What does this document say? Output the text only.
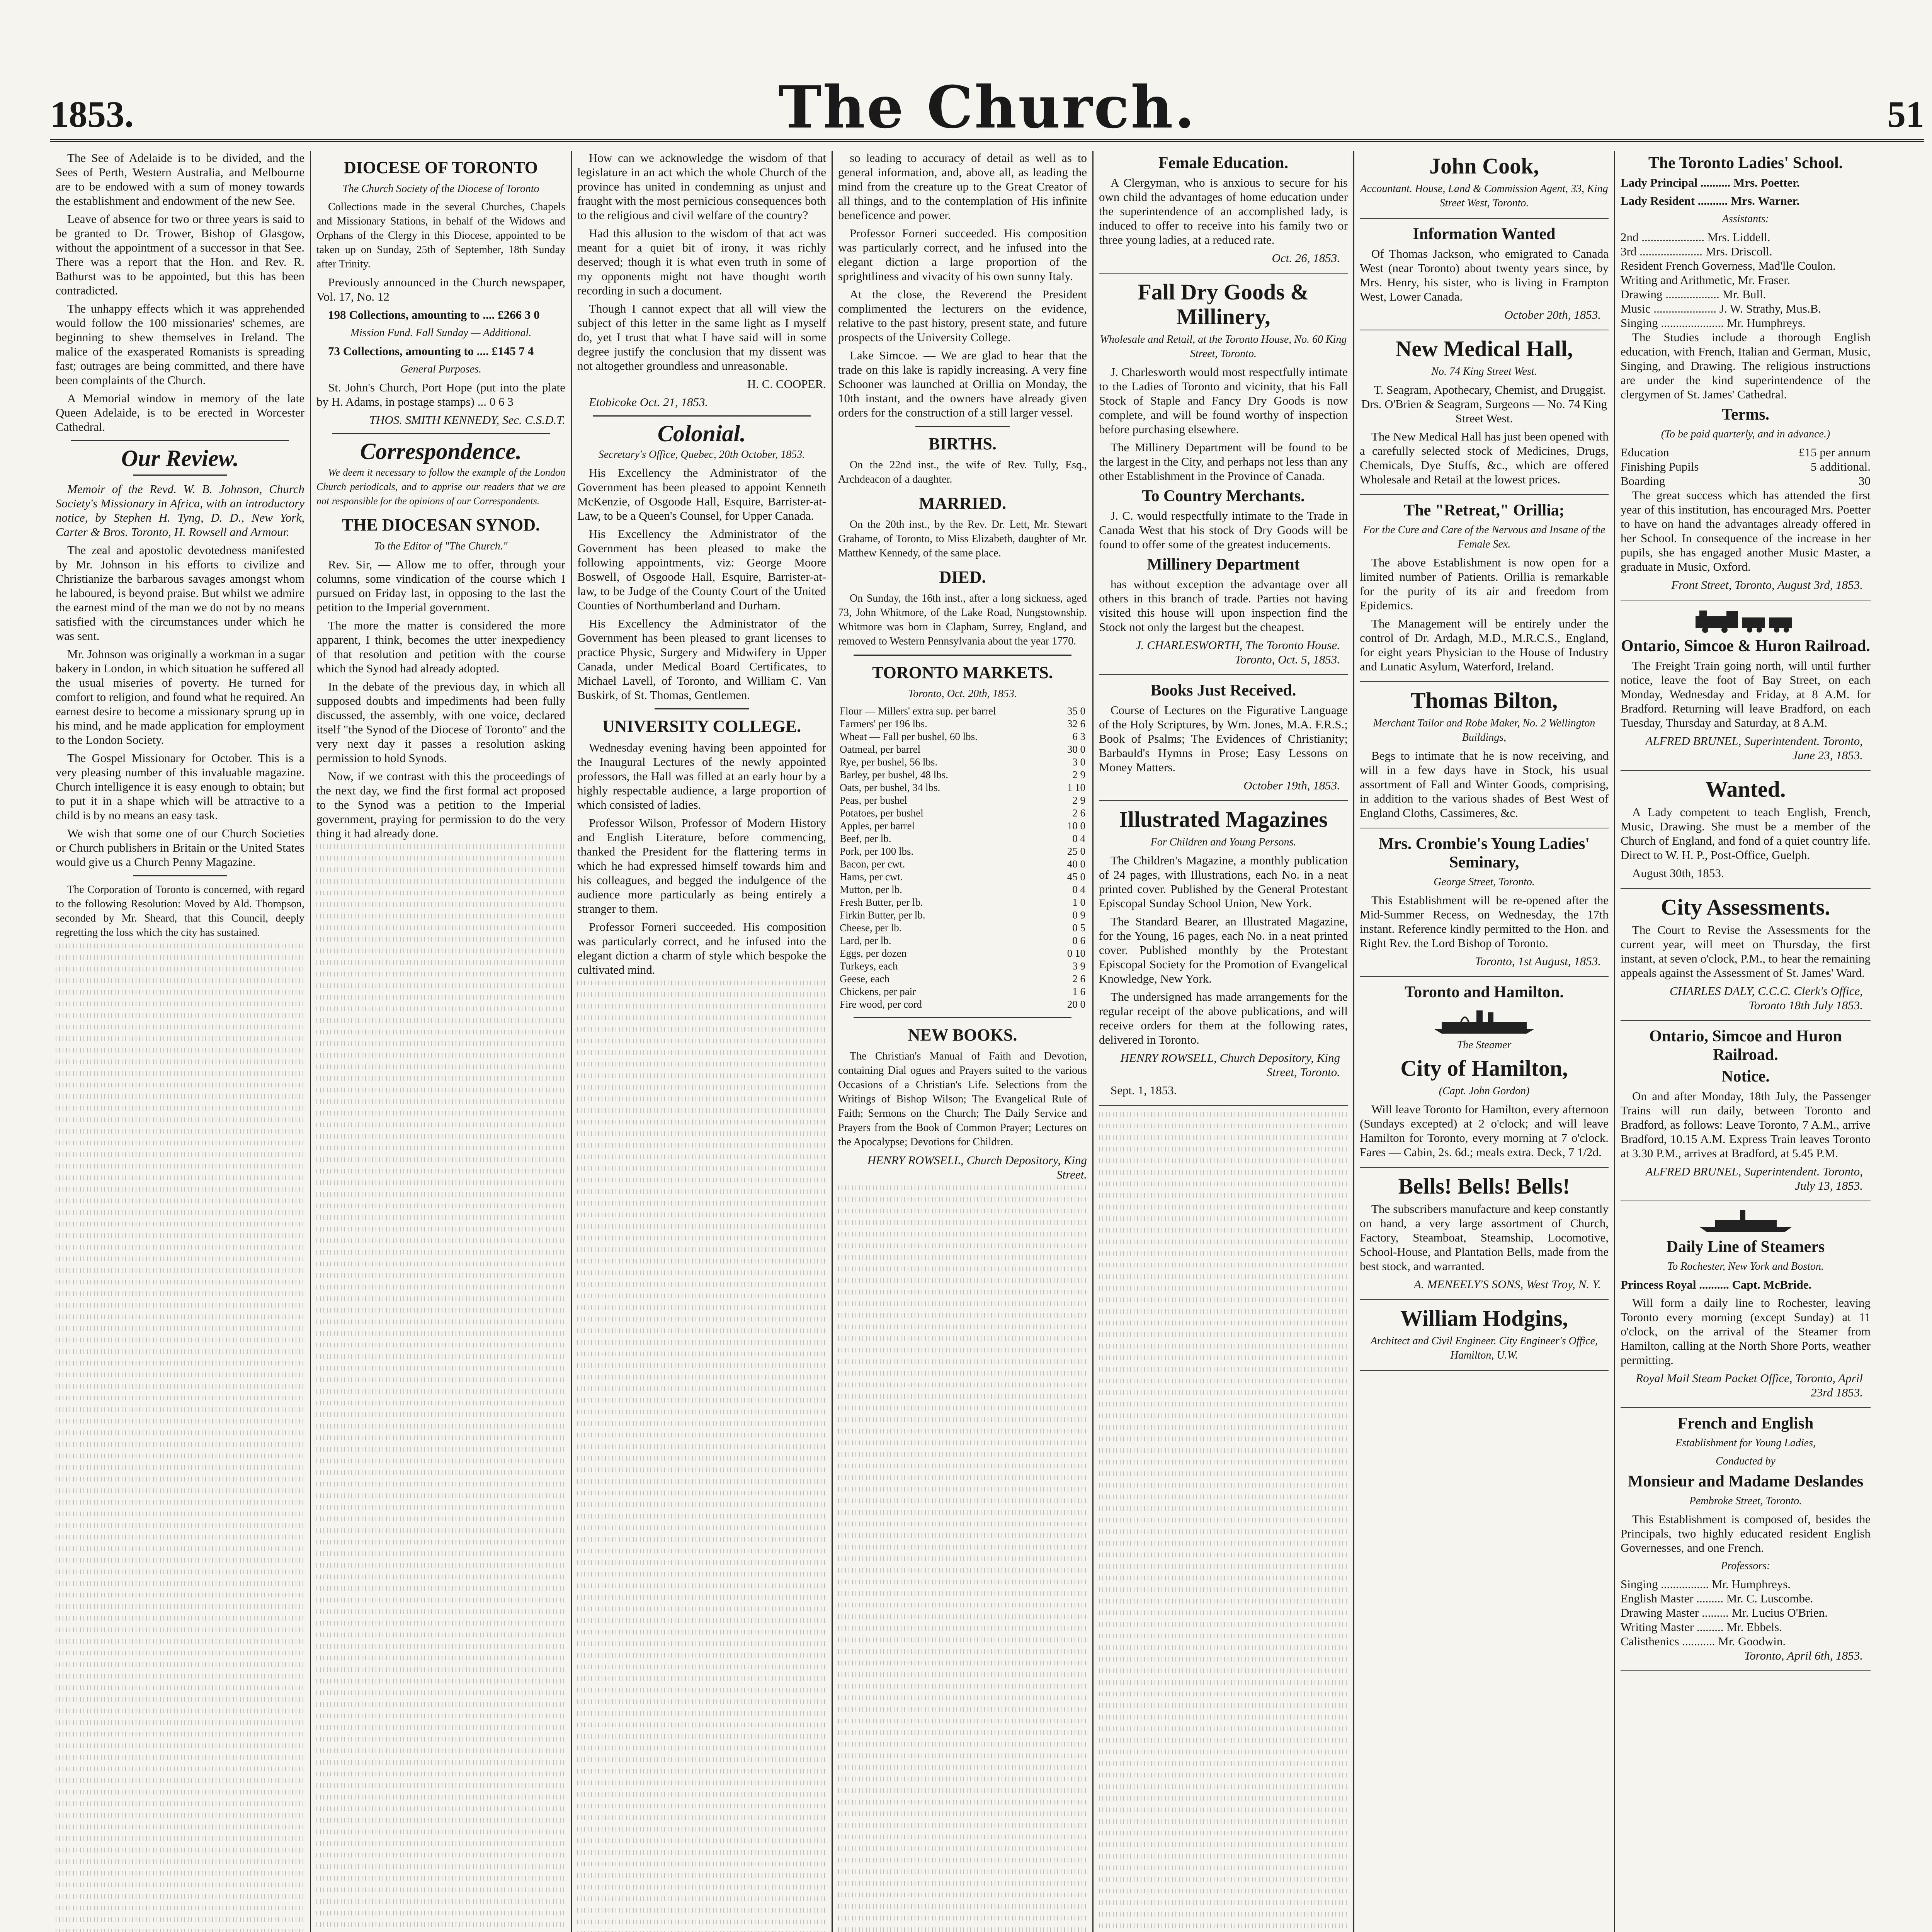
1853.	The Church.	51

The See of Adelaide is to be divided, and the Sees of Perth, Western Australia, and Melbourne are to be endowed with a sum of money towards the establishment and endowment of the new See.

Leave of absence for two or three years is said to be granted to Dr. Trower, Bishop of Glasgow, without the appointment of a successor in that See. There was a report that the Hon. and Rev. R. Bathurst was to be appointed, but this has been contradicted.

The unhappy effects which it was apprehended would follow the 100 missionaries' schemes, are beginning to shew themselves in Ireland. The malice of the exasperated Romanists is spreading fast; outrages are being committed, and there have been complaints of the Church.

A Memorial window in memory of the late Queen Adelaide, is to be erected in Worcester Cathedral.

Our Review.

Memoir of the Revd. W. B. Johnson, Church Society's Missionary in Africa, with an introductory notice, by Stephen H. Tyng, D. D., New York, Carter & Bros. Toronto, H. Rowsell and Armour.

The zeal and apostolic devotedness manifested by Mr. Johnson in his efforts to civilize and Christianize the barbarous savages amongst whom he laboured, is beyond praise. But whilst we admire the earnest mind of the man we do not by no means satisfied with the circumstances under which he was sent.

Mr. Johnson was originally a workman in a sugar bakery in London, in which situation he suffered all the usual miseries of poverty. He turned for comfort to religion, and found what he required. An earnest desire to become a missionary sprung up in his mind, and he made application for employment to the London Society.

The Gospel Missionary for October. This is a very pleasing number of this invaluable magazine. Church intelligence it is easy enough to obtain; but to put it in a shape which will be attractive to a child is by no means an easy task.

We wish that some one of our Church Societies or Church publishers in Britain or the United States would give us a Church Penny Magazine.

The Corporation of Toronto is concerned, with regard to the following Resolution: Moved by Ald. Thompson, seconded by Mr. Sheard, that this Council, deeply regretting the loss which the city has sustained.

DIOCESE OF TORONTO
The Church Society of the Diocese of Toronto

Collections made in the several Churches, Chapels and Missionary Stations, in behalf of the Widows and Orphans of the Clergy in this Diocese, appointed to be taken up on Sunday, 25th of September, 18th Sunday after Trinity.

Previously announced in the Church newspaper, Vol. 17, No. 12

198 Collections, amounting to .... £266 3 0

Mission Fund. Fall Sunday — Additional.

73 Collections, amounting to .... £145 7 4

General Purposes.

St. John's Church, Port Hope (put into the plate by H. Adams, in postage stamps) ... 0 6 3

THOS. SMITH KENNEDY, Sec. C.S.D.T.

Correspondence.

We deem it necessary to follow the example of the London Church periodicals, and to apprise our readers that we are not responsible for the opinions of our Correspondents.

THE DIOCESAN SYNOD.
To the Editor of "The Church."

Rev. Sir, — Allow me to offer, through your columns, some vindication of the course which I pursued on Friday last, in opposing to the last the petition to the Imperial government.

The more the matter is considered the more apparent, I think, becomes the utter inexpediency of that resolution and petition with the course which the Synod had already adopted.

In the debate of the previous day, in which all supposed doubts and impediments had been fully discussed, the assembly, with one voice, declared itself "the Synod of the Diocese of Toronto" and the very next day it passes a resolution asking permission to hold Synods.

Now, if we contrast with this the proceedings of the next day, we find the first formal act proposed to the Synod was a petition to the Imperial government, praying for permission to do the very thing it had already done.

How can we acknowledge the wisdom of that legislature in an act which the whole Church of the province has united in condemning as unjust and fraught with the most pernicious consequences both to the religious and civil welfare of the country?

Had this allusion to the wisdom of that act was meant for a quiet bit of irony, it was richly deserved; though it is what even truth in some of my opponents might not have thought worth recording in such a document.

Though I cannot expect that all will view the subject of this letter in the same light as I myself do, yet I trust that what I have said will in some degree justify the conclusion that my dissent was not altogether groundless and unreasonable.

H. C. COOPER.

Etobicoke Oct. 21, 1853.

Colonial.
Secretary's Office, Quebec, 20th October, 1853.

His Excellency the Administrator of the Government has been pleased to appoint Kenneth McKenzie, of Osgoode Hall, Esquire, Barrister-at-Law, to be a Queen's Counsel, for Upper Canada.

His Excellency the Administrator of the Government has been pleased to make the following appointments, viz: George Moore Boswell, of Osgoode Hall, Esquire, Barrister-at-law, to be Judge of the County Court of the United Counties of Northumberland and Durham.

His Excellency the Administrator of the Government has been pleased to grant licenses to practice Physic, Surgery and Midwifery in Upper Canada, under Medical Board Certificates, to Michael Lavell, of Toronto, and William C. Van Buskirk, of St. Thomas, Gentlemen.

UNIVERSITY COLLEGE.

Wednesday evening having been appointed for the Inaugural Lectures of the newly appointed professors, the Hall was filled at an early hour by a highly respectable audience, a large proportion of which consisted of ladies.

Professor Wilson, Professor of Modern History and English Literature, before commencing, thanked the President for the flattering terms in which he had expressed himself towards him and his colleagues, and begged the indulgence of the audience more particularly as being entirely a stranger to them.

Professor Forneri succeeded. His composition was particularly correct, and he infused into the elegant diction a charm of style which bespoke the cultivated mind.

so leading to accuracy of detail as well as to general information, and, above all, as leading the mind from the creature up to the Great Creator of all things, and to the contemplation of His infinite beneficence and power.

Professor Forneri succeeded. His composition was particularly correct, and he infused into the elegant diction a large proportion of the sprightliness and vivacity of his own sunny Italy.

At the close, the Reverend the President complimented the lecturers on the evidence, relative to the past history, present state, and future prospects of the University College.

Lake Simcoe. — We are glad to hear that the trade on this lake is rapidly increasing. A very fine Schooner was launched at Orillia on Monday, the 10th instant, and the owners have already given orders for the construction of a still larger vessel.

BIRTHS.

On the 22nd inst., the wife of Rev. Tully, Esq., Archdeacon of a daughter.

MARRIED.

On the 20th inst., by the Rev. Dr. Lett, Mr. Stewart Grahame, of Toronto, to Miss Elizabeth, daughter of Mr. Matthew Kennedy, of the same place.

DIED.

On Sunday, the 16th inst., after a long sickness, aged 73, John Whitmore, of the Lake Road, Nungstownship. Whitmore was born in Clapham, Surrey, England, and removed to Western Pennsylvania about the year 1770.

TORONTO MARKETS.
Toronto, Oct. 20th, 1853.
Flour — Millers' extra sup. per barrel	35 0
Farmers' per 196 lbs.	32 6
Wheat — Fall per bushel, 60 lbs.	6 3
Oatmeal, per barrel	30 0
Rye, per bushel, 56 lbs.	3 0
Barley, per bushel, 48 lbs.	2 9
Oats, per bushel, 34 lbs.	1 10
Peas, per bushel	2 9
Potatoes, per bushel	2 6
Apples, per barrel	10 0
Beef, per lb.	0 4
Pork, per 100 lbs.	25 0
Bacon, per cwt.	40 0
Hams, per cwt.	45 0
Mutton, per lb.	0 4
Fresh Butter, per lb.	1 0
Firkin Butter, per lb.	0 9
Cheese, per lb.	0 5
Lard, per lb.	0 6
Eggs, per dozen	0 10
Turkeys, each	3 9
Geese, each	2 6
Chickens, per pair	1 6
Fire wood, per cord	20 0
NEW BOOKS.

The Christian's Manual of Faith and Devotion, containing Dial ogues and Prayers suited to the various Occasions of a Christian's Life. Selections from the Writings of Bishop Wilson; The Evangelical Rule of Faith; Sermons on the Church; The Daily Service and Prayers from the Book of Common Prayer; Lectures on the Apocalypse; Devotions for Children.

HENRY ROWSELL, Church Depository, King Street.

Female Education.

A Clergyman, who is anxious to secure for his own child the advantages of home education under the superintendence of an accomplished lady, is induced to offer to receive into his family two or three young ladies, at a reduced rate.

Oct. 26, 1853.

Fall Dry Goods & Millinery,
Wholesale and Retail, at the Toronto House, No. 60 King Street, Toronto.

J. Charlesworth would most respectfully intimate to the Ladies of Toronto and vicinity, that his Fall Stock of Staple and Fancy Dry Goods is now complete, and will be found worthy of inspection before purchasing elsewhere.

The Millinery Department will be found to be the largest in the City, and perhaps not less than any other Establishment in the Province of Canada.

To Country Merchants.

J. C. would respectfully intimate to the Trade in Canada West that his stock of Dry Goods will be found to offer some of the greatest inducements.

Millinery Department

has without exception the advantage over all others in this branch of trade. Parties not having visited this house will upon inspection find the Stock not only the largest but the cheapest.

J. CHARLESWORTH, The Toronto House. Toronto, Oct. 5, 1853.

Books Just Received.

Course of Lectures on the Figurative Language of the Holy Scriptures, by Wm. Jones, M.A. F.R.S.; Book of Psalms; The Evidences of Christianity; Barbauld's Hymns in Prose; Easy Lessons on Money Matters.

October 19th, 1853.

Illustrated Magazines
For Children and Young Persons.

The Children's Magazine, a monthly publication of 24 pages, with Illustrations, each No. in a neat printed cover. Published by the General Protestant Episcopal Sunday School Union, New York.

The Standard Bearer, an Illustrated Magazine, for the Young, 16 pages, each No. in a neat printed cover. Published monthly by the Protestant Episcopal Society for the Promotion of Evangelical Knowledge, New York.

The undersigned has made arrangements for the regular receipt of the above publications, and will receive orders for them at the following rates, delivered in Toronto.

HENRY ROWSELL, Church Depository, King Street, Toronto.

Sept. 1, 1853.

John Cook,
Accountant. House, Land & Commission Agent, 33, King Street West, Toronto.
Information Wanted

Of Thomas Jackson, who emigrated to Canada West (near Toronto) about twenty years since, by Mrs. Henry, his sister, who is living in Frampton West, Lower Canada.

October 20th, 1853.

New Medical Hall,
No. 74 King Street West.

T. Seagram, Apothecary, Chemist, and Druggist. Drs. O'Brien & Seagram, Surgeons — No. 74 King Street West.

The New Medical Hall has just been opened with a carefully selected stock of Medicines, Drugs, Chemicals, Dye Stuffs, &c., which are offered Wholesale and Retail at the lowest prices.

The "Retreat," Orillia;
For the Cure and Care of the Nervous and Insane of the Female Sex.

The above Establishment is now open for a limited number of Patients. Orillia is remarkable for the purity of its air and freedom from Epidemics.

The Management will be entirely under the control of Dr. Ardagh, M.D., M.R.C.S., England, for eight years Physician to the House of Industry and Lunatic Asylum, Waterford, Ireland.

Thomas Bilton,
Merchant Tailor and Robe Maker, No. 2 Wellington Buildings,

Begs to intimate that he is now receiving, and will in a few days have in Stock, his usual assortment of Fall and Winter Goods, comprising, in addition to the various shades of Best West of England Cloths, Cassimeres, &c.

Mrs. Crombie's Young Ladies' Seminary,
George Street, Toronto.

This Establishment will be re-opened after the Mid-Summer Recess, on Wednesday, the 17th instant. Reference kindly permitted to the Hon. and Right Rev. the Lord Bishop of Toronto.

Toronto, 1st August, 1853.

Toronto and Hamilton.
The Steamer
City of Hamilton,
(Capt. John Gordon)

Will leave Toronto for Hamilton, every afternoon (Sundays excepted) at 2 o'clock; and will leave Hamilton for Toronto, every morning at 7 o'clock. Fares — Cabin, 2s. 6d.; meals extra. Deck, 7 1/2d.

Bells! Bells! Bells!

The subscribers manufacture and keep constantly on hand, a very large assortment of Church, Factory, Steamboat, Steamship, Locomotive, School-House, and Plantation Bells, made from the best stock, and warranted.

A. MENEELY'S SONS, West Troy, N. Y.

William Hodgins,
Architect and Civil Engineer. City Engineer's Office, Hamilton, U.W.
The Toronto Ladies' School.

Lady Principal .......... Mrs. Poetter.

Lady Resident .......... Mrs. Warner.

Assistants:
2nd ..................... Mrs. Liddell.
3rd ..................... Mrs. Driscoll.
Resident French Governess, Mad'lle Coulon.
Writing and Arithmetic, Mr. Fraser.
Drawing .................. Mr. Bull.
Music ..................... J. W. Strathy, Mus.B.
Singing ..................... Mr. Humphreys.

The Studies include a thorough English education, with French, Italian and German, Music, Singing, and Drawing. The religious instructions are under the kind superintendence of the clergymen of St. James' Cathedral.

Terms.
(To be paid quarterly, and in advance.)
Education	£15 per annum
Finishing Pupils	5 additional.
Boarding	30

The great success which has attended the first year of this institution, has encouraged Mrs. Poetter to have on hand the advantages already offered in her School. In consequence of the increase in her pupils, she has engaged another Music Master, a graduate in Music, Oxford.

Front Street, Toronto, August 3rd, 1853.

Ontario, Simcoe & Huron Railroad.

The Freight Train going north, will until further notice, leave the foot of Bay Street, on each Monday, Wednesday and Friday, at 8 A.M. for Bradford. Returning will leave Bradford, on each Tuesday, Thursday and Saturday, at 8 A.M.

ALFRED BRUNEL, Superintendent. Toronto, June 23, 1853.

Wanted.

A Lady competent to teach English, French, Music, Drawing. She must be a member of the Church of England, and fond of a quiet country life. Direct to W. H. P., Post-Office, Guelph.

August 30th, 1853.

City Assessments.

The Court to Revise the Assessments for the current year, will meet on Thursday, the first instant, at seven o'clock, P.M., to hear the remaining appeals against the Assessment of St. James' Ward.

CHARLES DALY, C.C.C. Clerk's Office, Toronto 18th July 1853.

Ontario, Simcoe and Huron Railroad.
Notice.

On and after Monday, 18th July, the Passenger Trains will run daily, between Toronto and Bradford, as follows: Leave Toronto, 7 A.M., arrive Bradford, 10.15 A.M. Express Train leaves Toronto at 3.30 P.M., arrives at Bradford, at 5.45 P.M.

ALFRED BRUNEL, Superintendent. Toronto, July 13, 1853.

Daily Line of Steamers
To Rochester, New York and Boston.

Princess Royal .......... Capt. McBride.

Will form a daily line to Rochester, leaving Toronto every morning (except Sunday) at 11 o'clock, on the arrival of the Steamer from Hamilton, calling at the North Shore Ports, weather permitting.

Royal Mail Steam Packet Office, Toronto, April 23rd 1853.

French and English
Establishment for Young Ladies,
Conducted by
Monsieur and Madame Deslandes
Pembroke Street, Toronto.

This Establishment is composed of, besides the Principals, two highly educated resident English Governesses, and one French.

Professors:
Singing ................ Mr. Humphreys.
English Master ......... Mr. C. Luscombe.
Drawing Master ......... Mr. Lucius O'Brien.
Writing Master ......... Mr. Ebbels.
Calisthenics ........... Mr. Goodwin.

Toronto, April 6th, 1853.
